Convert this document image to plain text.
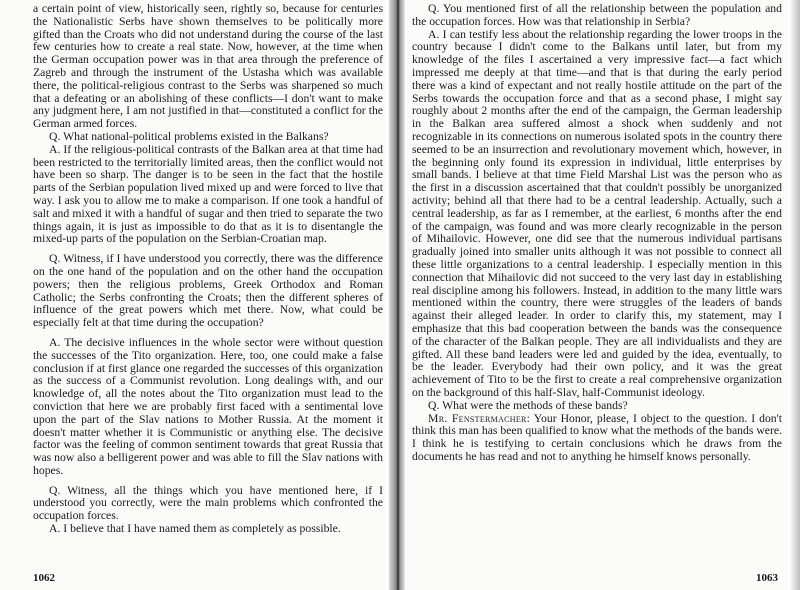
a certain point of view, historically seen, rightly so, because for centuries the Nationalistic Serbs have shown themselves to be politically more gifted than the Croats who did not understand during the course of the last few centuries how to create a real state. Now, however, at the time when the German occupation power was in that area through the preference of Zagreb and through the instrument of the Ustasha which was available there, the political-religious contrast to the Serbs was sharpened so much that a defeating or an abolishing of these conflicts—I don't want to make any judgment here, I am not justified in that—constituted a conflict for the German armed forces.

Q. What national-political problems existed in the Balkans?

A. If the religious-political contrasts of the Balkan area at that time had been restricted to the territorially limited areas, then the conflict would not have been so sharp. The danger is to be seen in the fact that the hostile parts of the Serbian population lived mixed up and were forced to live that way. I ask you to allow me to make a comparison. If one took a handful of salt and mixed it with a handful of sugar and then tried to separate the two things again, it is just as impossible to do that as it is to disentangle the mixed-up parts of the population on the Serbian-Croatian map.

Q. Witness, if I have understood you correctly, there was the difference on the one hand of the population and on the other hand the occupation powers; then the religious problems, Greek Orthodox and Roman Catholic; the Serbs confronting the Croats; then the different spheres of influence of the great powers which met there. Now, what could be especially felt at that time during the occupation?

A. The decisive influences in the whole sector were without question the successes of the Tito organization. Here, too, one could make a false conclusion if at first glance one regarded the successes of this organization as the success of a Communist revolution. Long dealings with, and our knowledge of, all the notes about the Tito organization must lead to the conviction that here we are probably first faced with a sentimental love upon the part of the Slav nations to Mother Russia. At the moment it doesn't matter whether it is Communistic or anything else. The decisive factor was the feeling of common sentiment towards that great Russia that was now also a belligerent power and was able to fill the Slav nations with hopes.

Q. Witness, all the things which you have mentioned here, if I understood you correctly, were the main problems which confronted the occupation forces.

A. I believe that I have named them as completely as possible.

1062

Q. You mentioned first of all the relationship between the population and the occupation forces. How was that relationship in Serbia?

A. I can testify less about the relationship regarding the lower troops in the country because I didn't come to the Balkans until later, but from my knowledge of the files I ascertained a very impressive fact—a fact which impressed me deeply at that time—and that is that during the early period there was a kind of expectant and not really hostile attitude on the part of the Serbs towards the occupation force and that as a second phase, I might say roughly about 2 months after the end of the campaign, the German leadership in the Balkan area suffered almost a shock when suddenly and not recognizable in its connections on numerous isolated spots in the country there seemed to be an insurrection and revolutionary movement which, however, in the beginning only found its expression in individual, little enterprises by small bands. I believe at that time Field Marshal List was the person who as the first in a discussion ascertained that that couldn't possibly be unorganized activity; behind all that there had to be a central leadership. Actually, such a central leadership, as far as I remember, at the earliest, 6 months after the end of the campaign, was found and was more clearly recognizable in the person of Mihailovic. However, one did see that the numerous individual partisans gradually joined into smaller units although it was not possible to connect all these little organizations to a central leadership. I especially mention in this connection that Mihailovic did not succeed to the very last day in establishing real discipline among his followers. Instead, in addition to the many little wars mentioned within the country, there were struggles of the leaders of bands against their alleged leader. In order to clarify this, my statement, may I emphasize that this bad cooperation between the bands was the consequence of the character of the Balkan people. They are all individualists and they are gifted. All these band leaders were led and guided by the idea, eventually, to be the leader. Everybody had their own policy, and it was the great achievement of Tito to be the first to create a real comprehensive organization on the background of this half-Slav, half-Communist ideology.

Q. What were the methods of these bands?

Mr. Fenstermacher: Your Honor, please, I object to the question. I don't think this man has been qualified to know what the methods of the bands were. I think he is testifying to certain conclusions which he draws from the documents he has read and not to anything he himself knows personally.

1063
